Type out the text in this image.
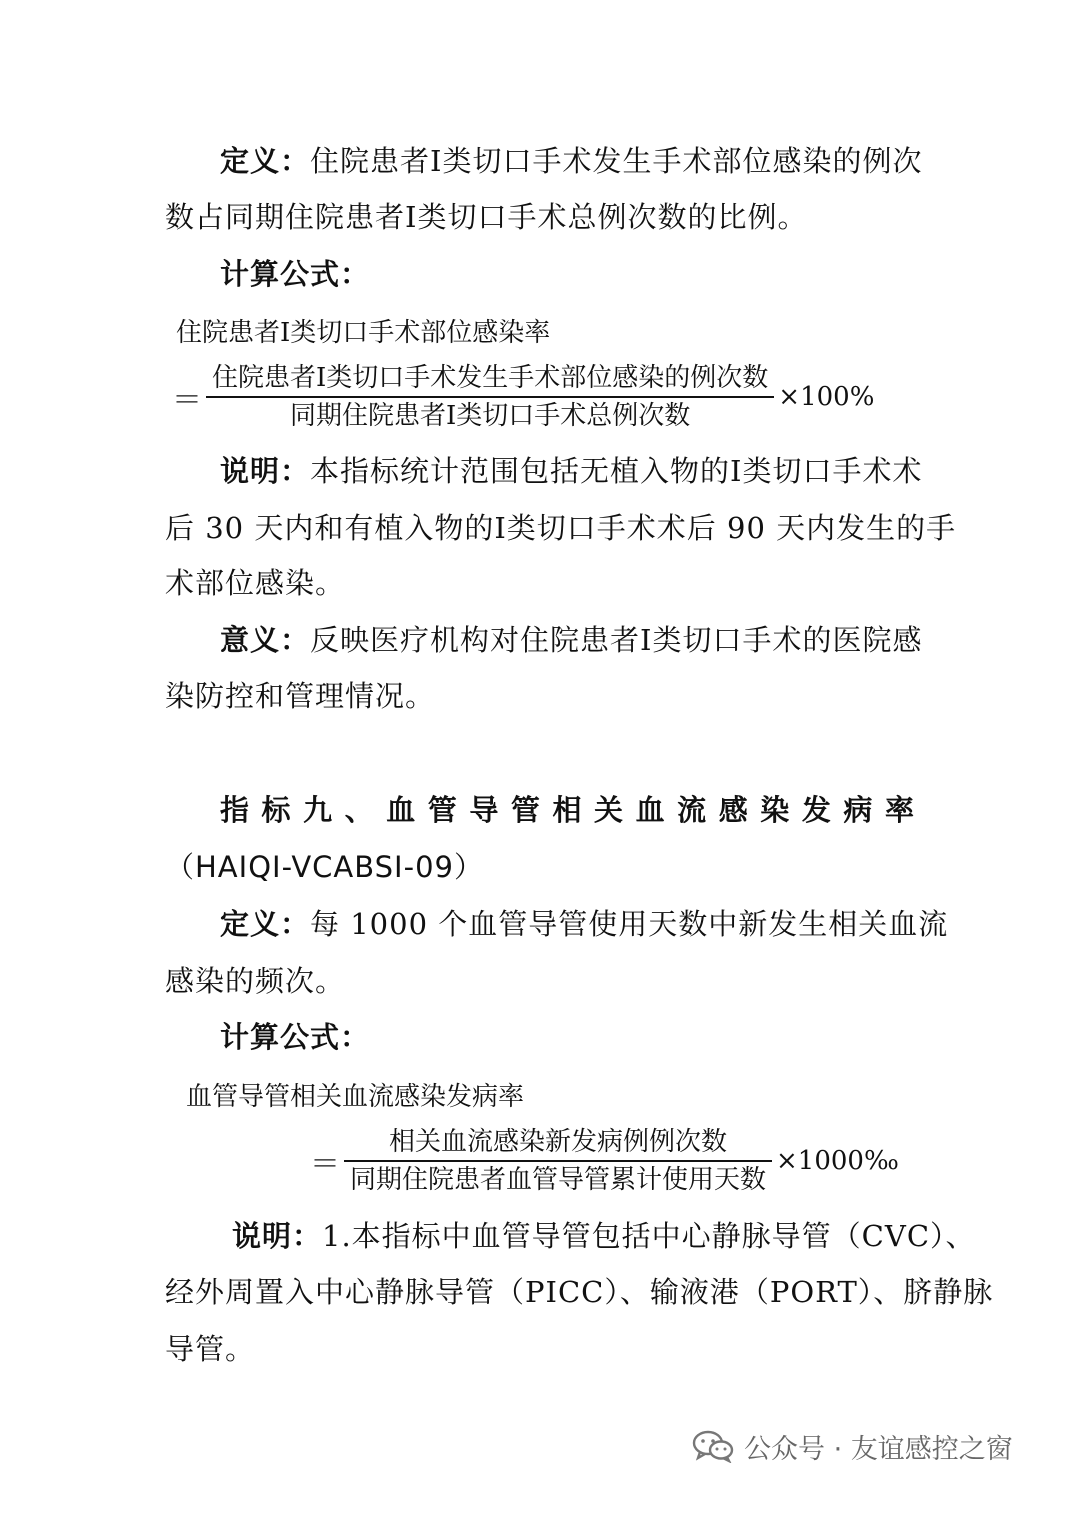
定义：住院患者Ⅰ类切口手术发生手术部位感染的例次
数占同期住院患者Ⅰ类切口手术总例次数的比例。
计算公式：
住院患者Ⅰ类切口手术部位感染率
＝ $\frac{\text{住院患者Ⅰ类切口手术发生手术部位感染的例次数}}{\text{同期住院患者Ⅰ类切口手术总例次数}} \times 100\%$
说明：本指标统计范围包括无植入物的Ⅰ类切口手术术
后 30 天内和有植入物的Ⅰ类切口手术术后 90 天内发生的手
术部位感染。
意义：反映医疗机构对住院患者Ⅰ类切口手术的医院感
染防控和管理情况。
指标九、血管导管相关血流感染发病率
（HAIQI-VCABSI-09）
定义：每 1000 个血管导管使用天数中新发生相关血流
感染的频次。
计算公式：
血管导管相关血流感染发病率
＝ $\frac{\text{相关血流感染新发病例例次数}}{\text{同期住院患者血管导管累计使用天数}}$ ×1000‰
说明：1.本指标中血管导管包括中心静脉导管（CVC）、
经外周置入中心静脉导管（PICC）、输液港（PORT）、脐静脉
导管。
公众号 · 友谊感控之窗
